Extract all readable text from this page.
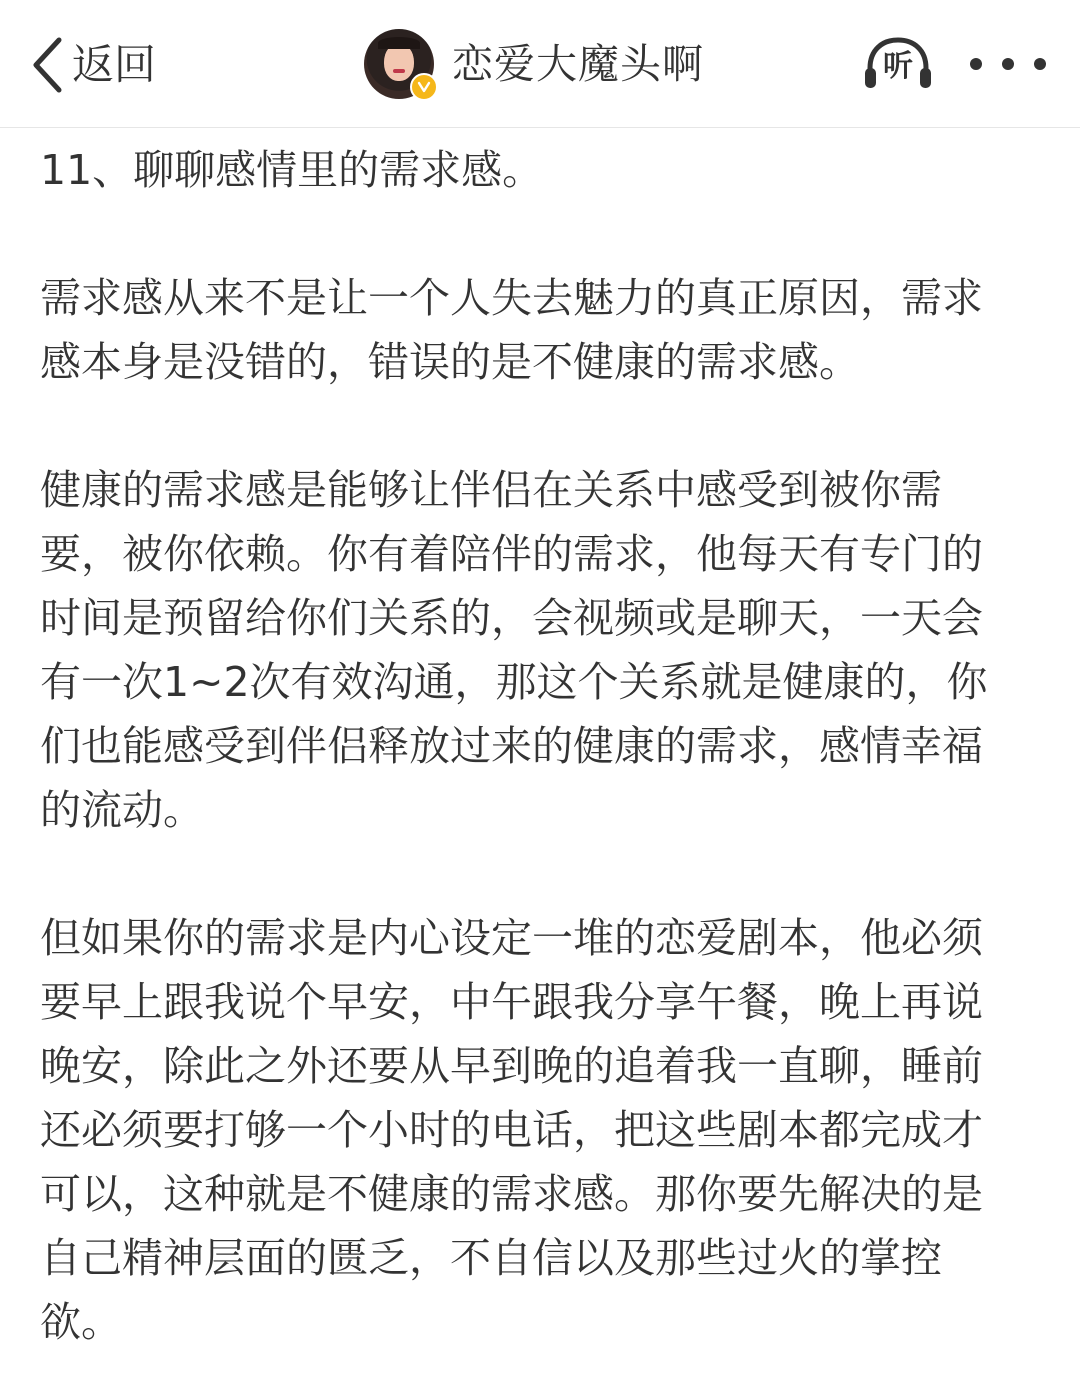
返回	恋爱大魔头啊	听

11、聊聊感情里的需求感。

需求感从来不是让一个人失去魅力的真正原因，需求
感本身是没错的，错误的是不健康的需求感。

健康的需求感是能够让伴侣在关系中感受到被你需
要，被你依赖。你有着陪伴的需求，他每天有专门的
时间是预留给你们关系的，会视频或是聊天，一天会
有一次1~2次有效沟通，那这个关系就是健康的，你
们也能感受到伴侣释放过来的健康的需求，感情幸福
的流动。

但如果你的需求是内心设定一堆的恋爱剧本，他必须
要早上跟我说个早安，中午跟我分享午餐，晚上再说
晚安，除此之外还要从早到晚的追着我一直聊，睡前
还必须要打够一个小时的电话，把这些剧本都完成才
可以，这种就是不健康的需求感。那你要先解决的是
自己精神层面的匮乏，不自信以及那些过火的掌控
欲。
